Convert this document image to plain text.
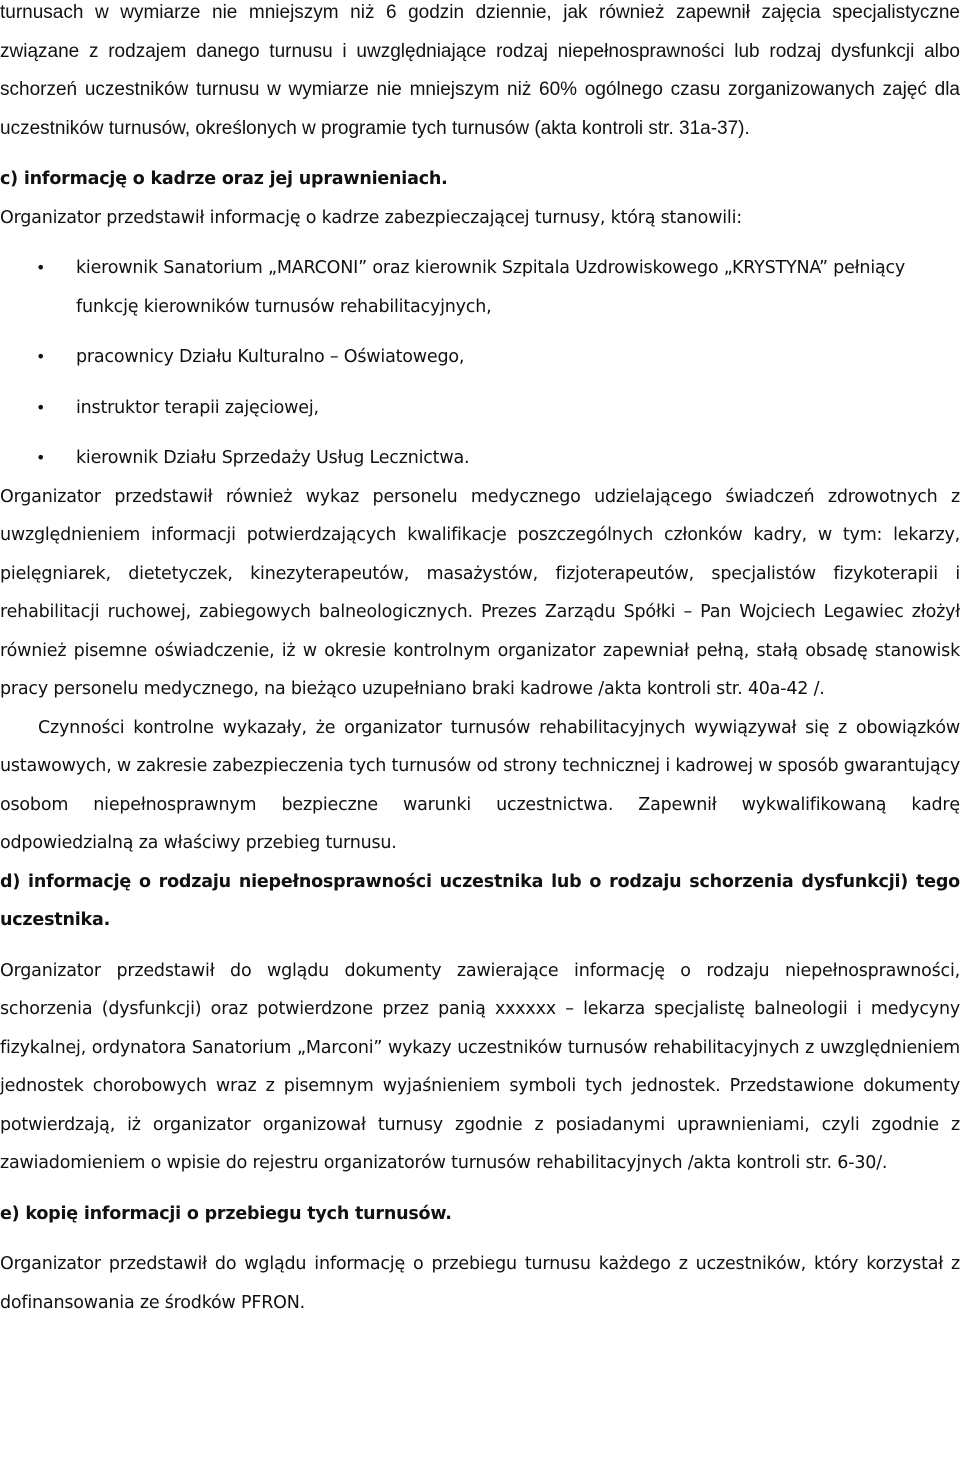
turnusach w wymiarze nie mniejszym niż 6 godzin dziennie, jak również zapewnił zajęcia specjalistyczne związane z rodzajem danego turnusu i uwzględniające rodzaj niepełnosprawności lub rodzaj dysfunkcji albo schorzeń uczestników turnusu w wymiarze nie mniejszym niż 60% ogólnego czasu zorganizowanych zajęć dla uczestników turnusów, określonych w programie tych turnusów (akta kontroli str. 31a-37).

c) informację o kadrze oraz jej uprawnieniach.

Organizator przedstawił informację o kadrze zabezpieczającej turnusy, którą stanowili:

• kierownik Sanatorium „MARCONI” oraz kierownik Szpitala Uzdrowiskowego „KRYSTYNA” pełniący funkcję kierowników turnusów rehabilitacyjnych,
• pracownicy Działu Kulturalno – Oświatowego,
• instruktor terapii zajęciowej,
• kierownik Działu Sprzedaży Usług Lecznictwa.

Organizator przedstawił również wykaz personelu medycznego udzielającego świadczeń zdrowotnych z uwzględnieniem informacji potwierdzających kwalifikacje poszczególnych członków kadry, w tym: lekarzy, pielęgniarek, dietetyczek, kinezyterapeutów, masażystów, fizjoterapeutów, specjalistów fizykoterapii i rehabilitacji ruchowej, zabiegowych balneologicznych. Prezes Zarządu Spółki – Pan Wojciech Legawiec złożył również pisemne oświadczenie, iż w okresie kontrolnym organizator zapewniał pełną, stałą obsadę stanowisk pracy personelu medycznego, na bieżąco uzupełniano braki kadrowe /akta kontroli str. 40a-42 /.

Czynności kontrolne wykazały, że organizator turnusów rehabilitacyjnych wywiązywał się z obowiązków ustawowych, w zakresie zabezpieczenia tych turnusów od strony technicznej i kadrowej w sposób gwarantujący osobom niepełnosprawnym bezpieczne warunki uczestnictwa. Zapewnił wykwalifikowaną kadrę odpowiedzialną za właściwy przebieg turnusu.

d) informację o rodzaju niepełnosprawności uczestnika lub o rodzaju schorzenia dysfunkcji) tego uczestnika.

Organizator przedstawił do wglądu dokumenty zawierające informację o rodzaju niepełnosprawności, schorzenia (dysfunkcji) oraz potwierdzone przez panią xxxxxx – lekarza specjalistę balneologii i medycyny fizykalnej, ordynatora Sanatorium „Marconi” wykazy uczestników turnusów rehabilitacyjnych z uwzględnieniem jednostek chorobowych wraz z pisemnym wyjaśnieniem symboli tych jednostek. Przedstawione dokumenty potwierdzają, iż organizator organizował turnusy zgodnie z posiadanymi uprawnieniami, czyli zgodnie z zawiadomieniem o wpisie do rejestru organizatorów turnusów rehabilitacyjnych /akta kontroli str. 6-30/.

e) kopię informacji o przebiegu tych turnusów.

Organizator przedstawił do wglądu informację o przebiegu turnusu każdego z uczestników, który korzystał z dofinansowania ze środków PFRON.
